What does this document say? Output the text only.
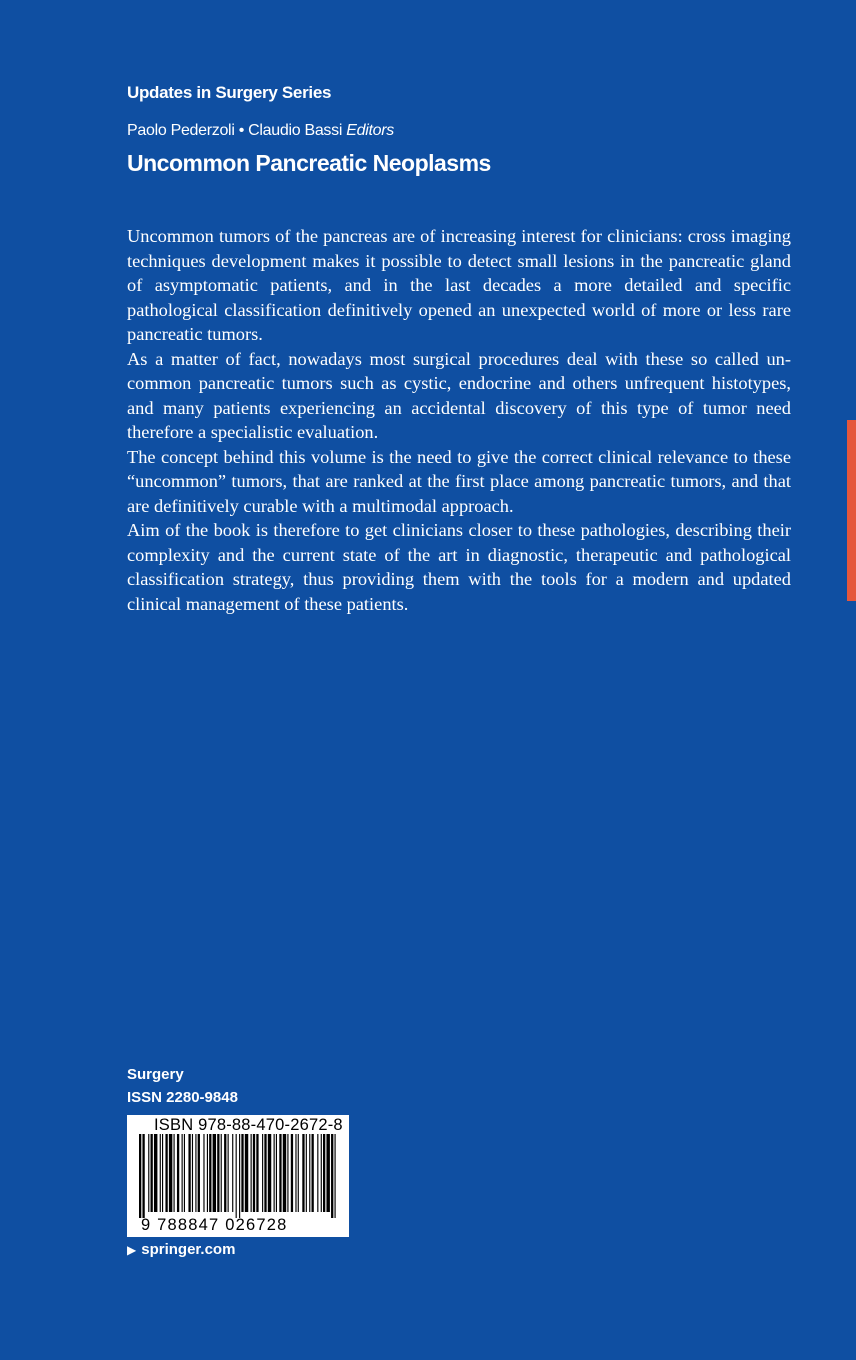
Updates in Surgery Series
Paolo Pederzoli • Claudio Bassi Editors
Uncommon Pancreatic Neoplasms

Uncommon tumors of the pancreas are of increasing interest for clinicians: cross imaging techniques development makes it possible to detect small lesions in the pancreatic gland of asymptomatic patients, and in the last decades a more detailed and specific pathological classification definitively opened an unexpected world of more or less rare pancreatic tumors.

As a matter of fact, nowadays most surgical procedures deal with these so called uncommon pancreatic tumors such as cystic, endocrine and others unfrequent histotypes, and many patients experiencing an accidental discovery of this type of tumor need therefore a specialistic evaluation.

The concept behind this volume is the need to give the correct clinical relevance to these “uncommon” tumors, that are ranked at the first place among pancreatic tumors, and that are definitively curable with a multimodal approach.

Aim of the book is therefore to get clinicians closer to these pathologies, describing their complexity and the current state of the art in diagnostic, therapeutic and pathological classification strategy, thus providing them with the tools for a modern and updated clinical management of these patients.

Surgery
ISSN 2280-9848
ISBN 978-88-470-2672-8
9 788847 026728
▶ springer.com
